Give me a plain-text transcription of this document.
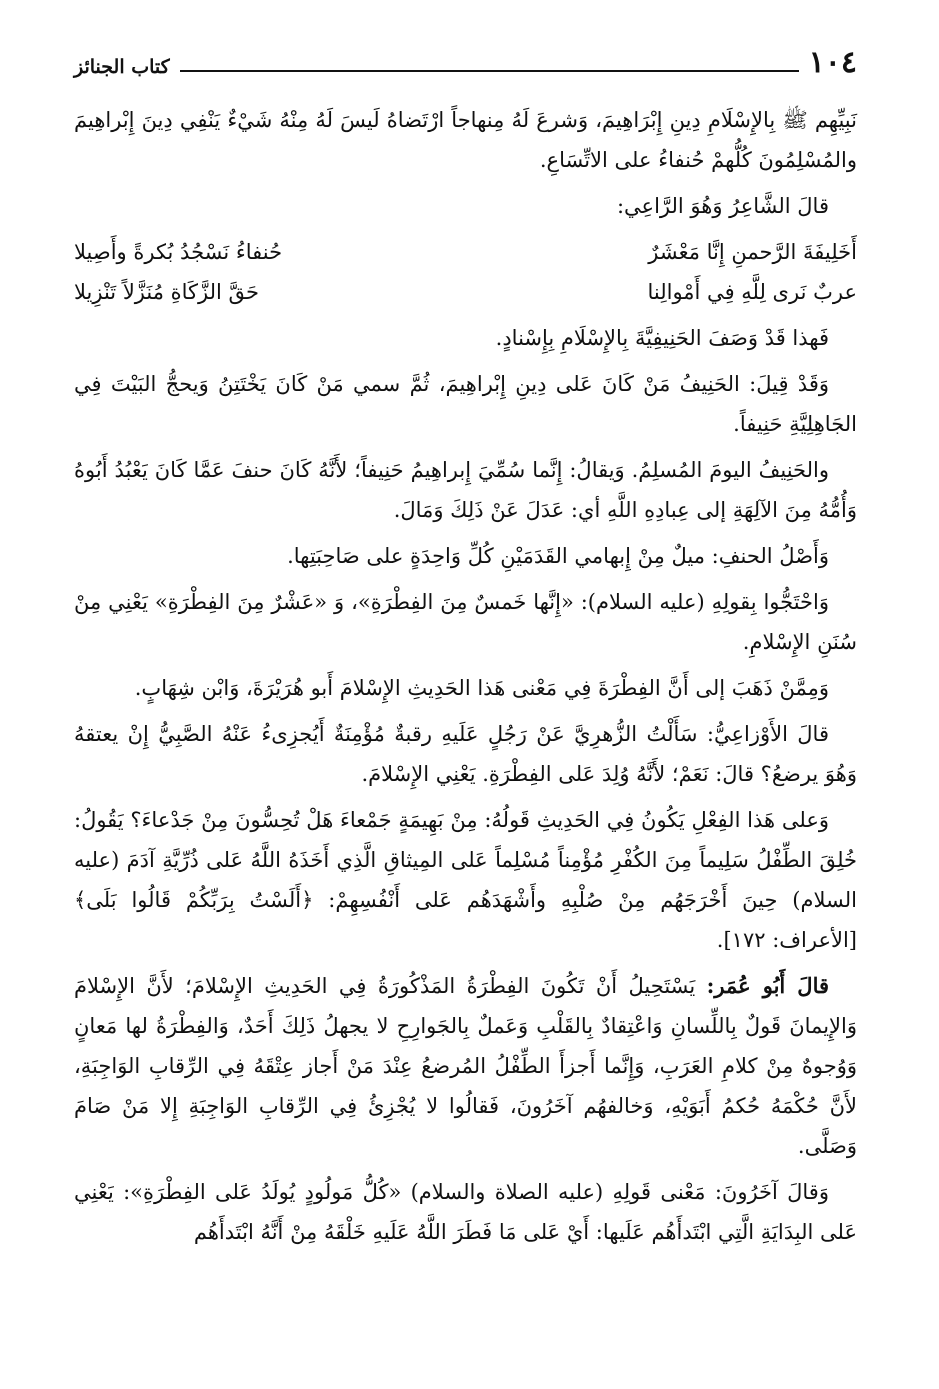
١٠٤
كتاب الجنائز

نَبِيِّهِم ﷺ بِالإِسْلَامِ دِينِ إِبْرَاهِيمَ، وَشرعَ لَهُ مِنهاجاً ارْتَضاهُ لَيسَ لَهُ مِنْهُ شَيْءٌ يَنْفِي دِينَ إِبْراهِيمَ والمُسْلِمُونَ كُلُّهمْ حُنفاءُ على الاتِّسَاعِ.

قالَ الشَّاعِرُ وَهُوَ الرَّاعِي:

أَخَلِيفَةَ الرَّحمنِ إِنَّا مَعْشَرٌ
حُنفاءُ نَسْجُدُ بُكرةً وأَصِيلا
عربٌ نَرى لِلَّهِ فِي أَمْوالِنا
حَقَّ الزَّكَاةِ مُنَزَّلاً تَنْزِيلا

فَهذا قَدْ وَصَفَ الحَنِيفِيَّةَ بِالإِسْلَامِ بِإِسْنادٍ.

وَقَدْ قِيلَ: الحَنِيفُ مَنْ كَانَ عَلى دِينِ إِبْراهِيمَ، ثُمَّ سمي مَنْ كَانَ يَخْتَتِنُ وَيحجُّ البَيْتَ فِي الجَاهِلِيَّةِ حَنِيفاً.

والحَنِيفُ اليومَ المُسلِمُ. وَيقالُ: إِنَّما سُمِّيَ إِبراهِيمُ حَنِيفاً؛ لأَنَّهُ كَانَ حنفَ عَمَّا كَانَ يَعْبُدُ أَبُوهُ وَأُمُّهُ مِنَ الآلِهَةِ إلى عِبادِهِ اللَّهِ أي: عَدَلَ عَنْ ذَلِكَ وَمَالَ.

وَأَصْلُ الحنفِ: ميلٌ مِنْ إِبهامي القَدَمَيْنِ كُلِّ وَاحِدَةٍ على صَاحِبَتِها.

وَاحْتَجُّوا بِقولِهِ (عليه السلام): «إِنَّها خَمسٌ مِنَ الفِطْرَةِ»، وَ «عَشْرٌ مِنَ الفِطْرَةِ» يَعْنِي مِنْ سُنَنِ الإِسْلامِ.

وَمِمَّنْ ذَهَبَ إلى أَنَّ الفِطْرَةَ فِي مَعْنى هَذا الحَدِيثِ الإِسْلامَ أَبو هُرَيْرَةَ، وَابْن شِهَابٍ.

قالَ الأَوْزاعِيُّ: سَأَلْتُ الزُّهرِيَّ عَنْ رَجُلٍ عَلَيهِ رقبةٌ مُؤْمِنَةٌ أَيُجزِىءُ عَنْهُ الصَّبِيُّ إِنْ يعتقهُ وَهُوَ يرضعُ؟ قالَ: نَعَمْ؛ لأَنَّهُ وُلِدَ عَلى الفِطْرَةِ. يَعْنِي الإِسْلامَ.

وَعلى هَذا الفِعْلِ يَكُونُ فِي الحَدِيثِ قَولُهُ: مِنْ بَهِيمَةٍ جَمْعاءَ هَلْ تُحِسُّونَ مِنْ جَدْعاءَ؟ يَقُولُ: خُلِقَ الطِّفْلُ سَلِيماً مِنَ الكُفْرِ مُؤْمِناً مُسْلِماً عَلى المِيثاقِ الَّذِي أَخَذَهُ اللَّهُ عَلى ذُرِّيَّةِ آدَمَ (عليه السلام) حِينَ أَخْرَجَهُم مِنْ صُلْبِهِ وأَشْهَدَهُم عَلى أَنْفُسِهِمْ: ﴿أَلَسْتُ بِرَبِّكُمْ قَالُوا بَلَى﴾ [الأعراف: ١٧٢].

قالَ أَبُو عُمَر: يَسْتَحِيلُ أَنْ تَكُونَ الفِطْرَةُ المَذْكُورَةُ فِي الحَدِيثِ الإِسْلامَ؛ لأَنَّ الإِسْلامَ وَالإِيمانَ قَولٌ بِاللِّسانِ وَاعْتِقادٌ بِالقَلْبِ وَعَملٌ بِالجَوارِحِ لا يجهلُ ذَلِكَ أَحَدٌ، وَالفِطْرَةُ لها مَعانٍ وَوُجوهٌ مِنْ كلامِ العَرَبِ، وَإِنَّما أَجزأَ الطِّفْلُ المُرضعُ عِنْدَ مَنْ أَجاز عِتْقَهُ فِي الرِّقابِ الوَاجِبَةِ، لأَنَّ حُكْمَهُ حُكمُ أَبَوَيْهِ، وَخالفهُم آخَرُونَ، فَقالُوا لا يُجْزِئُ فِي الرِّقابِ الوَاجِبَةِ إِلا مَنْ صَامَ وَصَلَّى.

وَقالَ آخَرُونَ: مَعْنى قَولِهِ (عليه الصلاة والسلام) «كُلُّ مَولُودٍ يُولَدُ عَلى الفِطْرَةِ»: يَعْنِي عَلى البِدَايَةِ الَّتِي ابْتَدأَهُم عَلَيها: أَيْ عَلى مَا فَطَرَ اللَّهُ عَلَيهِ خَلْقَهُ مِنْ أَنَّهُ ابْتَدأَهُم
